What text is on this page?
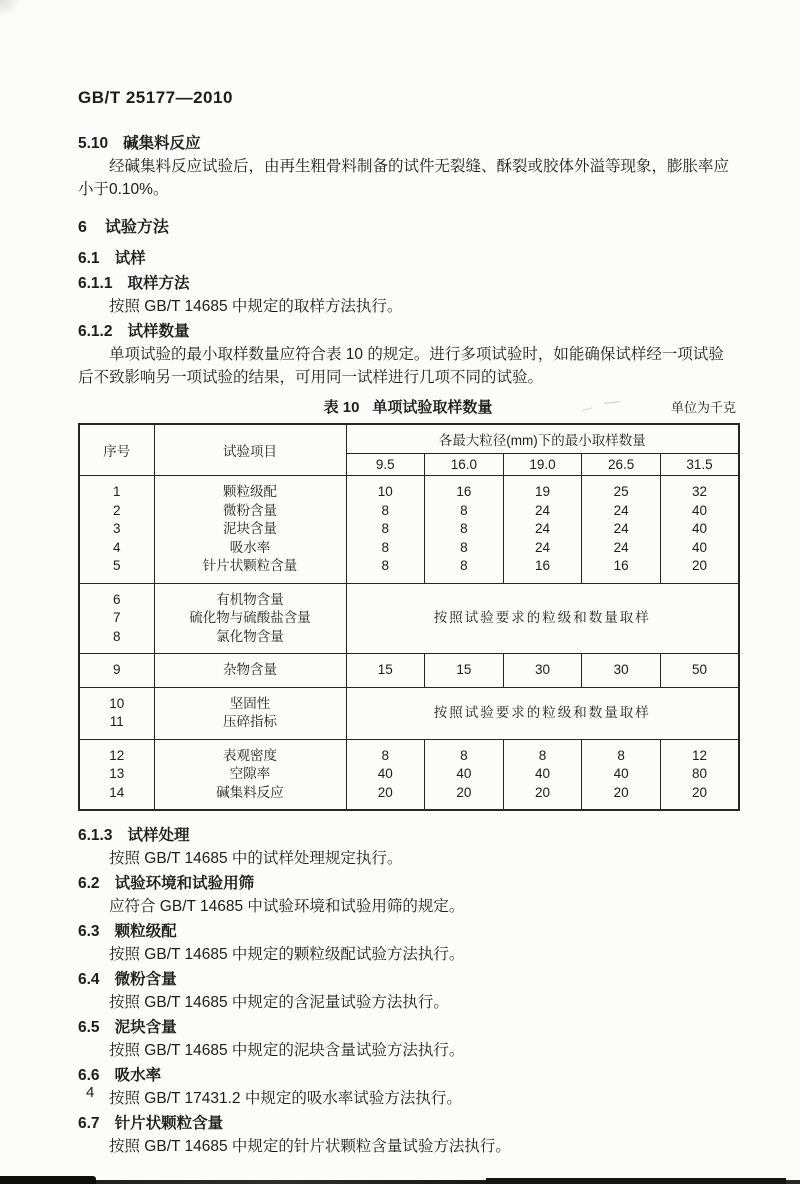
GB/T 25177—2010
5.10 碱集料反应

经碱集料反应试验后，由再生粗骨料制备的试件无裂缝、酥裂或胶体外溢等现象，膨胀率应小于0.10%。

6 试验方法
6.1 试样
6.1.1 取样方法

按照 GB/T 14685 中规定的取样方法执行。

6.1.2 试样数量

单项试验的最小取样数量应符合表 10 的规定。进行多项试验时，如能确保试样经一项试验后不致影响另一项试验的结果，可用同一试样进行几项不同的试验。

表 10 单项试验取样数量	单位为千克
序号	试验项目	各最大粒径(mm)下的最小取样数量				
		9.5	16.0	19.0	26.5	31.5
1	颗粒级配	10	16	19	25	32
2	微粉含量	8	8	24	24	40
3	泥块含量	8	8	24	24	40
4	吸水率	8	8	24	24	40
5	针片状颗粒含量	8	8	16	16	20
6	有机物含量	按照试验要求的粒级和数量取样				
7	硫化物与硫酸盐含量					
8	氯化物含量					
9	杂物含量	15	15	30	30	50
10	坚固性	按照试验要求的粒级和数量取样				
11	压碎指标					
12	表观密度	8	8	8	8	12
13	空隙率	40	40	40	40	80
14	碱集料反应	20	20	20	20	20
6.1.3 试样处理

按照 GB/T 14685 中的试样处理规定执行。

6.2 试验环境和试验用筛

应符合 GB/T 14685 中试验环境和试验用筛的规定。

6.3 颗粒级配

按照 GB/T 14685 中规定的颗粒级配试验方法执行。

6.4 微粉含量

按照 GB/T 14685 中规定的含泥量试验方法执行。

6.5 泥块含量

按照 GB/T 14685 中规定的泥块含量试验方法执行。

6.6 吸水率

按照 GB/T 17431.2 中规定的吸水率试验方法执行。

6.7 针片状颗粒含量

按照 GB/T 14685 中规定的针片状颗粒含量试验方法执行。

4
